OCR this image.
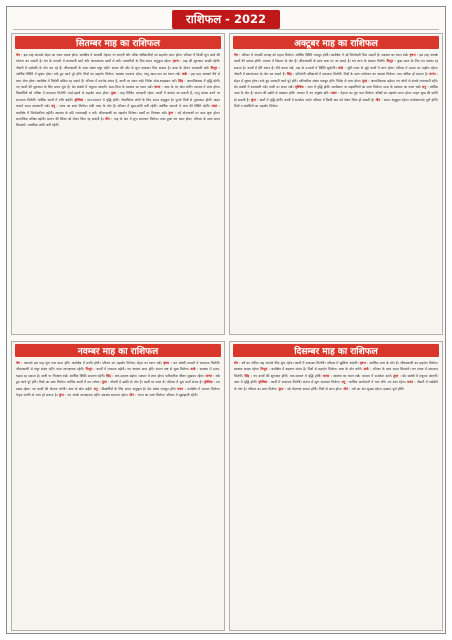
राशिफल - 2022
सितम्बर माह का राशिफल
मेष : इस माह आपको सेहत का ध्यान रखना होगा। कार्यक्षेत्र में आपकी मेहनत रंग लाएगी और वरिष्ठ अधिकारियों का सहयोग प्राप्त होगा। परिवार में किसी शुभ कार्य की योजना बन सकती है। धन के मामलों में सावधानी बरतें और अनावश्यक खर्चों से बचें। व्यापारियों के लिए समय अनुकूल रहेगा। वृषभ : माह की शुरुआत अच्छी रहेगी। नौकरी में पदोन्नति के योग बन रहे हैं। जीवनसाथी के साथ संबंध मधुर रहेंगे। संतान की ओर से शुभ समाचार मिल सकता है। यात्रा के दौरान सावधानी रखें। मिथुन : आर्थिक स्थिति में सुधार होगा। रुके हुए कार्य पूरे होंगे। मित्रों का सहयोग मिलेगा। स्वास्थ्य सामान्य रहेगा, परंतु खान-पान का ध्यान रखें। कर्क : इस माह आपको धैर्य से काम लेना होगा। कार्यक्षेत्र में विरोधी सक्रिय रह सकते हैं। परिवार में मतभेद संभव हैं, वाणी पर संयम रखें। निवेश सोच-समझकर करें। सिंह : आत्मविश्वास में वृद्धि होगी। नए कार्यों की शुरुआत के लिए समय शुभ है। प्रेम संबंधों में मधुरता आएगी। माता-पिता के स्वास्थ्य का ध्यान रखें। कन्या : आय के नए स्रोत बनेंगे। व्यापार में लाभ होगा। विद्यार्थियों को परीक्षा में सफलता मिलेगी। भाई-बहनों से सहयोग प्राप्त होगा। तुला : माह मिश्रित फलदायी रहेगा। कार्यों में बाधाएं आ सकती हैं, परंतु प्रयास करने पर सफलता मिलेगी। धार्मिक कार्यों में रुचि बढ़ेगी। वृश्चिक : मान-सम्मान में वृद्धि होगी। नौकरीपेशा लोगों के लिए समय अनुकूल है। पुराने मित्रों से मुलाकात होगी। वाहन चलाते समय सावधानी रखें। धनु : भाग्य का साथ मिलेगा। लंबी यात्रा के योग हैं। परिवार में सुख-शांति बनी रहेगी। आर्थिक मामलों में लाभ की स्थिति रहेगी। मकर : कार्यक्षेत्र में जिम्मेदारियां बढ़ेंगी। स्वास्थ्य के प्रति लापरवाही न करें। जीवनसाथी का सहयोग मिलेगा। खर्चों पर नियंत्रण रखें। कुंभ : नई योजनाओं पर काम शुरू होगा। सामाजिक प्रतिष्ठा बढ़ेगी। संतान की शिक्षा को लेकर चिंता रह सकती है। मीन : माह के अंत में शुभ समाचार मिलेगा। रुका हुआ धन प्राप्त होगा। परिवार के साथ समय बिताएंगे। मानसिक शांति बनी रहेगी।
अक्टूबर माह का राशिफल
मेष : परिवार में आपकी सलाह को महत्व मिलेगा। आर्थिक स्थिति मजबूत होगी। कार्यक्षेत्र में नई जिम्मेदारी मिल सकती है। स्वास्थ्य का ध्यान रखें। वृषभ : इस माह आपके कार्यों की प्रशंसा होगी। व्यापार में विस्तार के योग हैं। जीवनसाथी के साथ यात्रा पर जा सकते हैं। धन लाभ के अवसर मिलेंगे। मिथुन : कुछ समय के लिए मन अशांत रह सकता है। कार्यों में देरी संभव है। धैर्य बनाए रखें, माह के उत्तरार्ध में स्थिति सुधरेगी। कर्क : भूमि-भवन से जुड़े कार्यों में लाभ होगा। परिवार में उत्सव का माहौल रहेगा। नौकरी में स्थानांतरण के योग बन सकते हैं। सिंह : प्रतियोगी परीक्षाओं में सफलता मिलेगी। मित्रों के साथ मनोरंजन का अवसर मिलेगा। व्यय अधिक हो सकता है। कन्या : सेहत में सुधार होगा। रुके हुए सरकारी कार्य पूरे होंगे। पारिवारिक संबंध मजबूत होंगे। निवेश से लाभ होगा। तुला : आत्मविश्वास बढ़ेगा। नए लोगों से संपर्क लाभकारी रहेंगे। प्रेम संबंधों में सावधानी रखें। वाणी पर संयम रखें। वृश्चिक : आय में वृद्धि होगी। कार्यस्थल पर सहयोगियों का साथ मिलेगा। माता के स्वास्थ्य का ध्यान रखें। धनु : धार्मिक यात्रा के योग हैं। संतान की उन्नति से प्रसन्नता होगी। व्यापार में नए अनुबंध होंगे। मकर : मेहनत का पूरा फल मिलेगा। वरिष्ठों का सहयोग प्राप्त होगा। वाहन सुख की प्राप्ति हो सकती है। कुंभ : खर्चों में वृद्धि होगी। कार्यों में सतर्कता बरतें। परिवार में किसी बात को लेकर चिंता हो सकती है। मीन : समय अनुकूल रहेगा। मनोकामनाएं पूर्ण होंगी। मित्रों व संबंधियों का सहयोग मिलेगा।
नवम्बर माह का राशिफल
मेष : आपको इस माह शुभ फल प्राप्त होंगे। कार्यक्षेत्र में प्रगति होगी। परिवार का सहयोग मिलेगा। सेहत का ध्यान रखें। वृषभ : धन संबंधी मामलों में सफलता मिलेगी। जीवनसाथी से मधुर संबंध रहेंगे। यात्रा लाभदायक रहेगी। मिथुन : कार्यों में व्यस्तता बढ़ेगी। नए अवसर प्राप्त होंगे। संतान पक्ष से सुख मिलेगा। कर्क : स्वास्थ्य में उतार-चढ़ाव रह सकता है। वाणी पर नियंत्रण रखें। आर्थिक स्थिति सामान्य रहेगी। सिंह : मान-सम्मान बढ़ेगा। व्यापार में लाभ होगा। पारिवारिक जीवन सुखमय रहेगा। कन्या : रुके हुए कार्य पूरे होंगे। मित्रों का साथ मिलेगा। धार्मिक कार्यों में मन लगेगा। तुला : नौकरी में उन्नति के योग हैं। खर्चों पर ध्यान दें। परिवार में शुभ कार्य संभव है। वृश्चिक : मन प्रसन्न रहेगा। नए कार्यों की योजना बनेगी। आय के स्रोत बढ़ेंगे। धनु : विद्यार्थियों के लिए समय अनुकूल है। प्रेम संबंध मजबूत होंगे। मकर : कार्यक्षेत्र में सम्मान मिलेगा। पैतृक संपत्ति से लाभ हो सकता है। कुंभ : नए संपर्क लाभदायक रहेंगे। स्वास्थ्य सामान्य रहेगा। मीन : भाग्य का साथ मिलेगा। परिवार में खुशहाली रहेगी।
दिसम्बर माह का राशिफल
मेष : वर्ष का अंतिम माह आपके लिए शुभ रहेगा। कार्यों में सफलता मिलेगी। परिवार में खुशियां आएंगी। वृषभ : आर्थिक लाभ के योग हैं। जीवनसाथी का सहयोग मिलेगा। स्वास्थ्य अच्छा रहेगा। मिथुन : कार्यक्षेत्र में बदलाव संभव है। मित्रों से सहयोग मिलेगा। यात्रा के योग बनेंगे। कर्क : परिवार के साथ समय बिताएंगे। धन संचय में सफलता मिलेगी। सिंह : नए कार्यों की शुरुआत होगी। मान-सम्मान में वृद्धि होगी। कन्या : स्वास्थ्य का ध्यान रखें। व्यापार में सतर्कता बरतें। तुला : प्रेम संबंधों में मधुरता आएगी। आय में वृद्धि होगी। वृश्चिक : कार्यों में सफलता मिलेगी। संतान से शुभ समाचार मिलेगा। धनु : धार्मिक आयोजनों में भाग लेंगे। मन शांत रहेगा। मकर : नौकरी में पदोन्नति के योग हैं। परिवार का साथ मिलेगा। कुंभ : नई योजनाएं सफल होंगी। मित्रों से लाभ होगा। मीन : वर्ष का अंत सुखद रहेगा। इच्छाएं पूर्ण होंगी।
